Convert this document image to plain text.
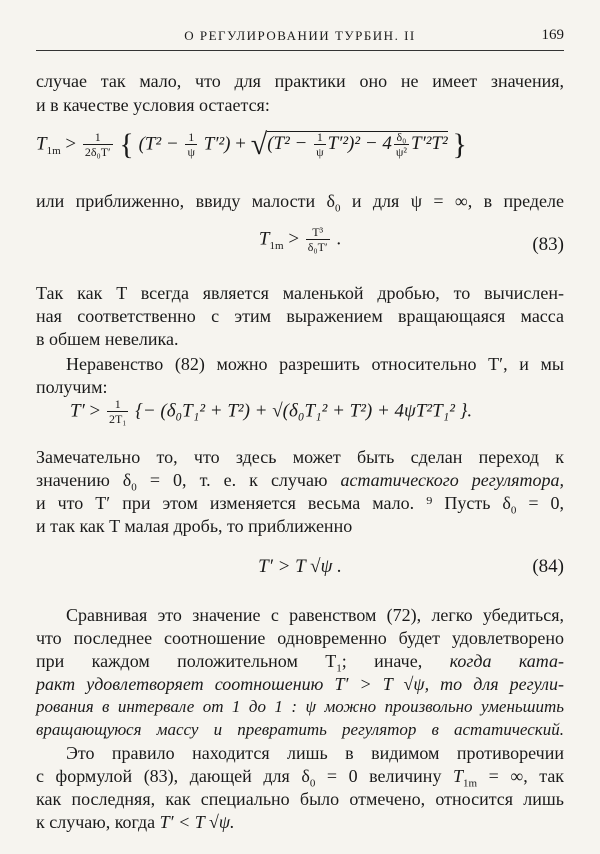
О РЕГУЛИРОВАНИИ ТУРБИН. II	169
случае так мало, что для практики оно не имеет значения,
и в качестве условия остается:
$T_{1m} > \frac{1}{\text{2δ₀T′}}$ { $(T^2 - \frac{1}{\psi} T'^2) + √(T^2 - \frac{1}{\psi} T'^2)^2 - 4 \frac{\text{δ₀}}{\text{ψ²}} T'^2T^2$ }
или приближенно, ввиду малости $\delta_0$ и для ψ = ∞, в пределе
$T_{1m} > \frac{\text{T³}}{\text{δ₀T′}}$ .	(83)
Так как T всегда является маленькой дробью, то вычислен-
ная соответственно с этим выражением вращающаяся масса
в обшем невелика.
Неравенство (82) можно разрешить относительно T′, и мы
получим:
$T' > \frac{1}{\text{2T₁}}$ {− (δ₀T₁² + T²) + √(δ₀T₁² + T²) + 4ψT²T₁² }.
Замечательно то, что здесь может быть сделан переход к
значению $\delta_0 = 0$, т. е. к случаю астатического регулятора,
и что T′ при этом изменяется весьма мало. ⁹ Пусть $\delta_0 = 0$,
и так как T малая дробь, то приближенно
T′ > T √ψ .	(84)
Сравнивая это значение с равенством (72), легко убедиться,
что последнее соотношение одновременно будет удовлетворено
при каждом положительном $T_1$; иначе, когда ката-
ракт удовлетворяет соотношению T′ > T √ψ, то для регули-
рования в интервале от 1 до 1 : ψ можно произвольно уменьшить
вращающуюся массу и превратить регулятор в астатический.
Это правило находится лишь в видимом противоречии
с формулой (83), дающей для $\delta_0 = 0$ величину $T_{1m}$ = ∞, так
как последняя, как специально было отмечено, относится лишь
к случаю, когда T′ < T √ψ.
